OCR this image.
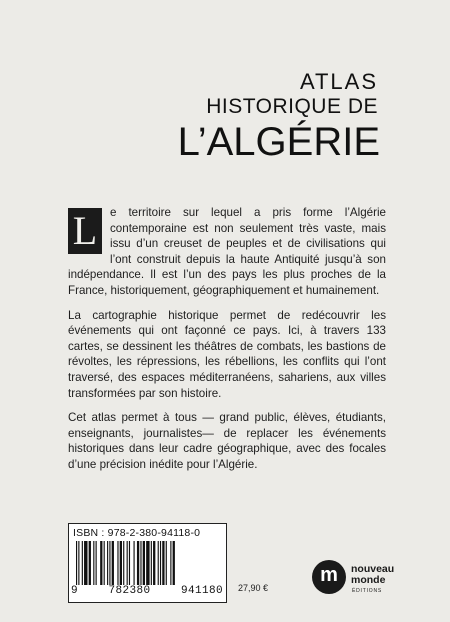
ATLAS
HISTORIQUE DE
L’ALGÉRIE

L	e territoire sur lequel a pris forme l’Algérie contemporaine est non seulement très vaste, mais issu d’un creuset de peuples et de civilisations qui l’ont construit depuis la haute Antiquité jusqu’à son indépendance. Il est l’un des pays les plus proches de la France, historiquement, géographiquement et humainement.

La cartographie historique permet de redécouvrir les événements qui ont façonné ce pays. Ici, à travers 133 cartes, se dessinent les théâtres de combats, les bastions de révoltes, les répressions, les rébellions, les conflits qui l’ont traversé, des espaces méditerranéens, sahariens, aux villes transformées par son histoire.

Cet atlas permet à tous — grand public, élèves, étudiants, enseignants, journalistes— de replacer les événements historiques dans leur cadre géographique, avec des focales d’une précision inédite pour l’Algérie.

ISBN : 978-2-380-94118-0
9	782380	941180 27,90 €
m	nouveau
monde
ÉDITIONS
